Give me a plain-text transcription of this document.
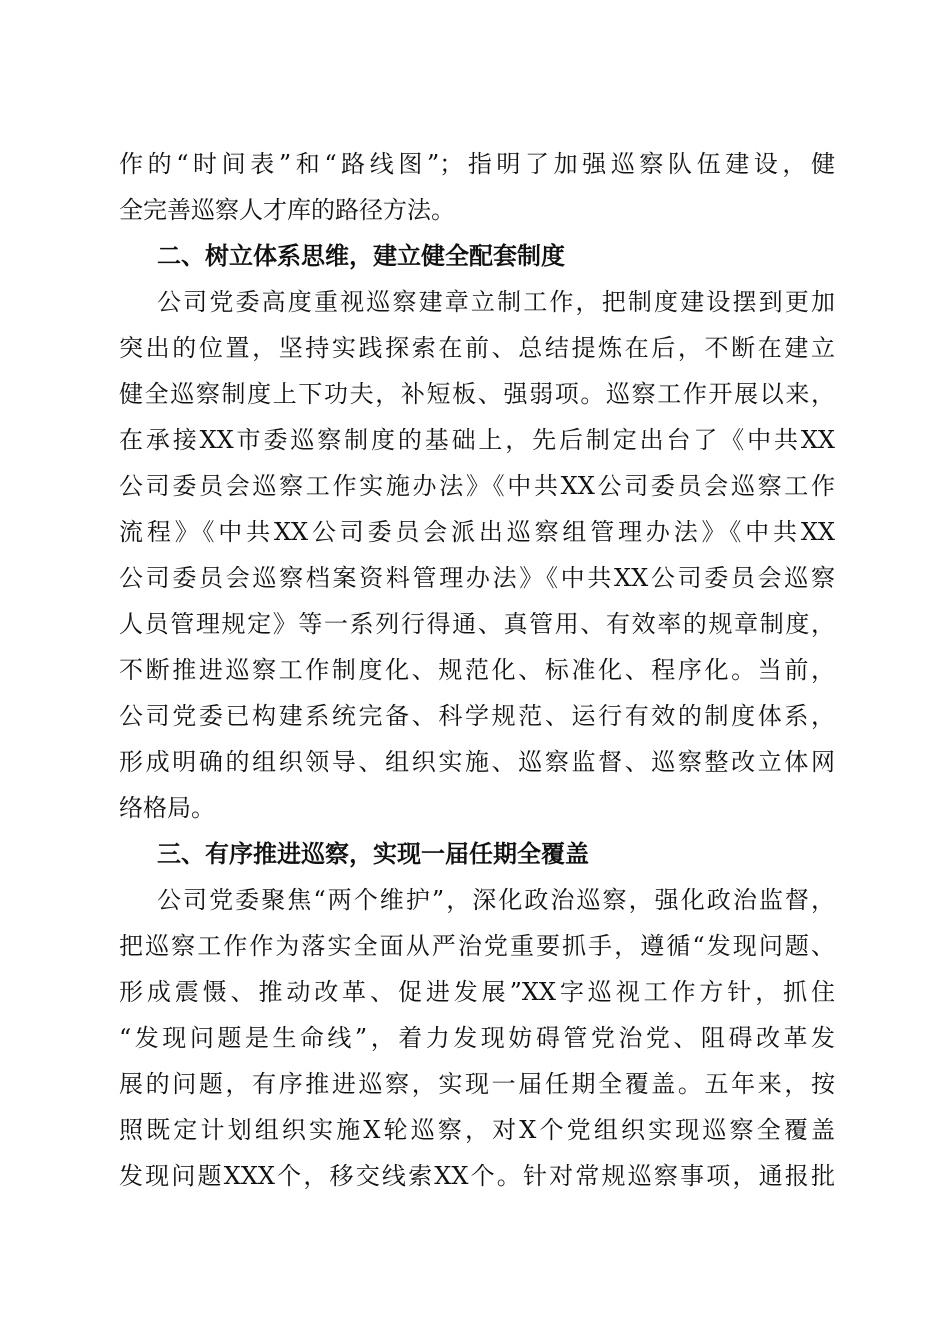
作的“时间表”和“路线图”；指明了加强巡察队伍建设，健
全完善巡察人才库的路径方法。
二、树立体系思维，建立健全配套制度
公司党委高度重视巡察建章立制工作，把制度建设摆到更加
突出的位置，坚持实践探索在前、总结提炼在后，不断在建立
健全巡察制度上下功夫，补短板、强弱项。巡察工作开展以来，
在承接XX市委巡察制度的基础上，先后制定出台了《中共XX
公司委员会巡察工作实施办法》《中共XX公司委员会巡察工作
流程》《中共XX公司委员会派出巡察组管理办法》《中共XX
公司委员会巡察档案资料管理办法》《中共XX公司委员会巡察
人员管理规定》等一系列行得通、真管用、有效率的规章制度，
不断推进巡察工作制度化、规范化、标准化、程序化。当前，
公司党委已构建系统完备、科学规范、运行有效的制度体系，
形成明确的组织领导、组织实施、巡察监督、巡察整改立体网
络格局。
三、有序推进巡察，实现一届任期全覆盖
公司党委聚焦“两个维护”，深化政治巡察，强化政治监督，
把巡察工作作为落实全面从严治党重要抓手，遵循“发现问题、
形成震慑、推动改革、促进发展”XX字巡视工作方针，抓住
“发现问题是生命线”，着力发现妨碍管党治党、阻碍改革发
展的问题，有序推进巡察，实现一届任期全覆盖。五年来，按
照既定计划组织实施X轮巡察，对X个党组织实现巡察全覆盖
发现问题XXX个，移交线索XX个。针对常规巡察事项，通报批
